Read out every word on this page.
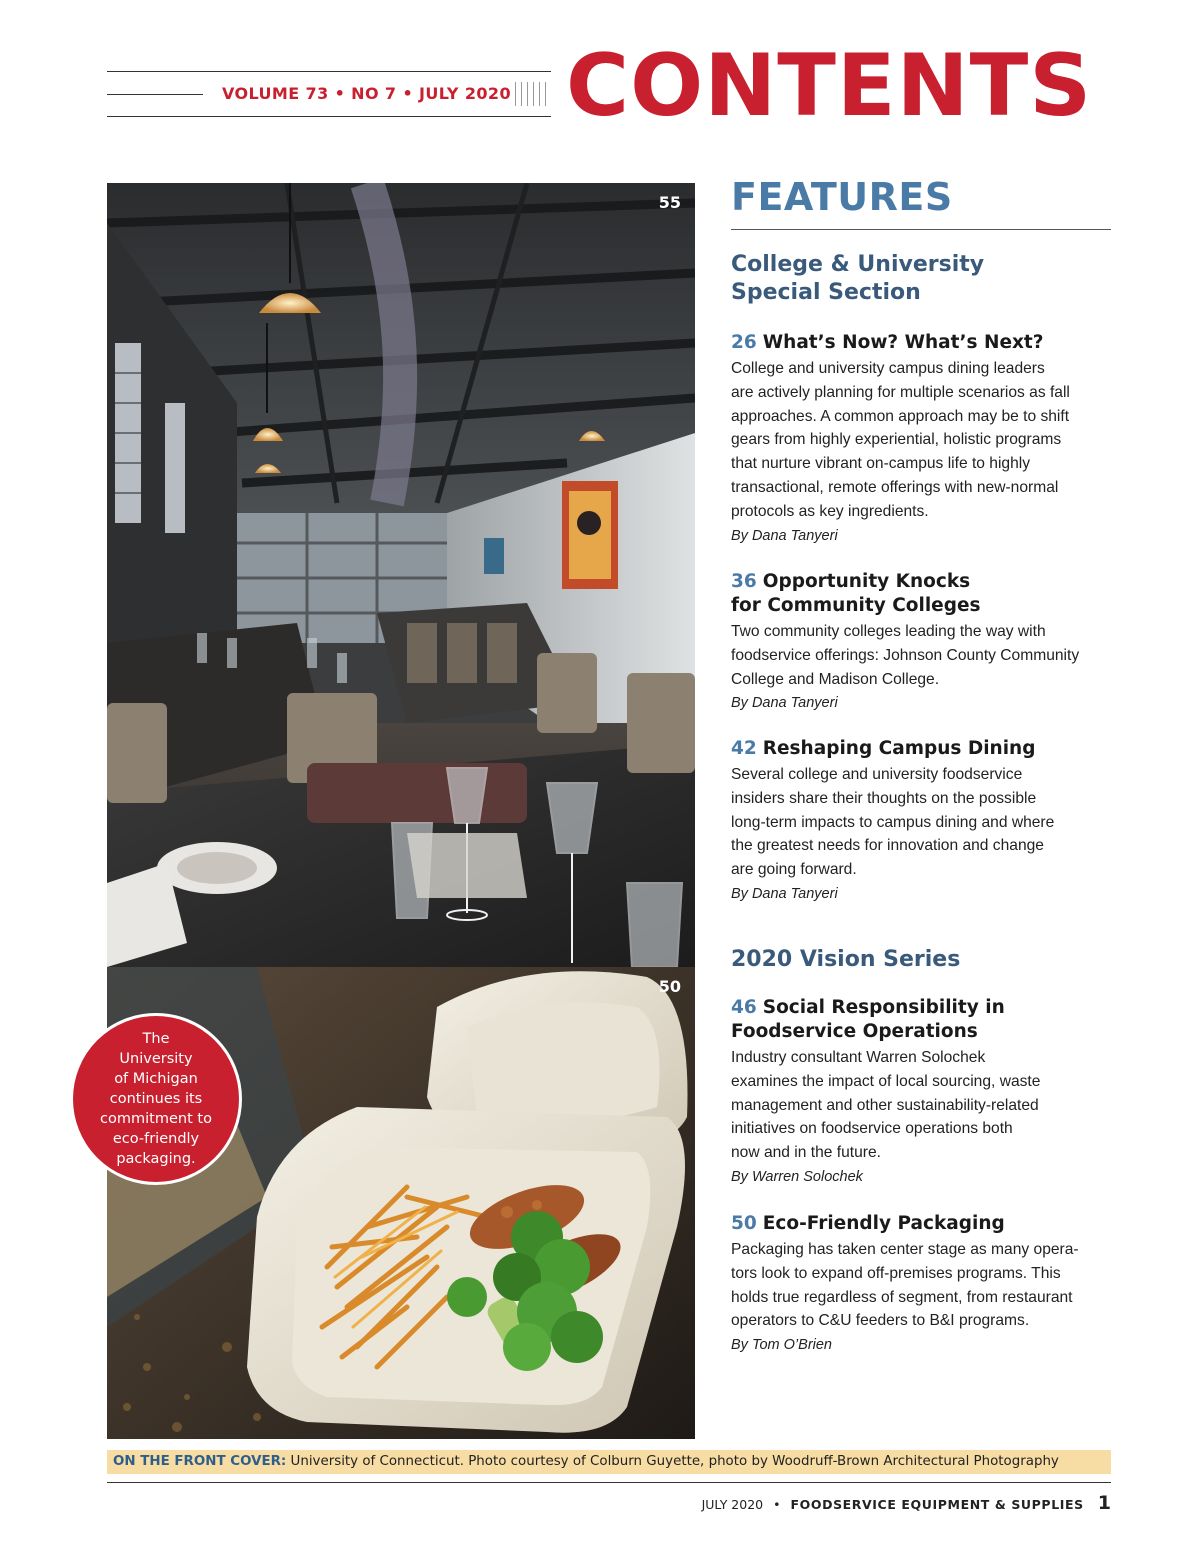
VOLUME 73 • NO 7 • JULY 2020 CONTENTS
55
50
The
University
of Michigan
continues its
commitment to
eco-friendly
packaging.
FEATURES
College & University
Special Section
26 What’s Now? What’s Next?
College and university campus dining leaders
are actively planning for multiple scenarios as fall
approaches. A common approach may be to shift
gears from highly experiential, holistic programs
that nurture vibrant on-campus life to highly
transactional, remote offerings with new-normal
protocols as key ingredients.
By Dana Tanyeri
36 Opportunity Knocks
for Community Colleges
Two community colleges leading the way with
foodservice offerings: Johnson County Community
College and Madison College.
By Dana Tanyeri
42 Reshaping Campus Dining
Several college and university foodservice
insiders share their thoughts on the possible
long-term impacts to campus dining and where
the greatest needs for innovation and change
are going forward.
By Dana Tanyeri
2020 Vision Series
46 Social Responsibility in
Foodservice Operations
Industry consultant Warren Solochek
examines the impact of local sourcing, waste
management and other sustainability-related
initiatives on foodservice operations both
now and in the future.
By Warren Solochek
50 Eco-Friendly Packaging
Packaging has taken center stage as many opera-
tors look to expand off-premises programs. This
holds true regardless of segment, from restaurant
operators to C&U feeders to B&I programs.
By Tom O’Brien
ON THE FRONT COVER: University of Connecticut. Photo courtesy of Colburn Guyette, photo by Woodruff-Brown Architectural Photography
JULY 2020 • FOODSERVICE EQUIPMENT & SUPPLIES 1
